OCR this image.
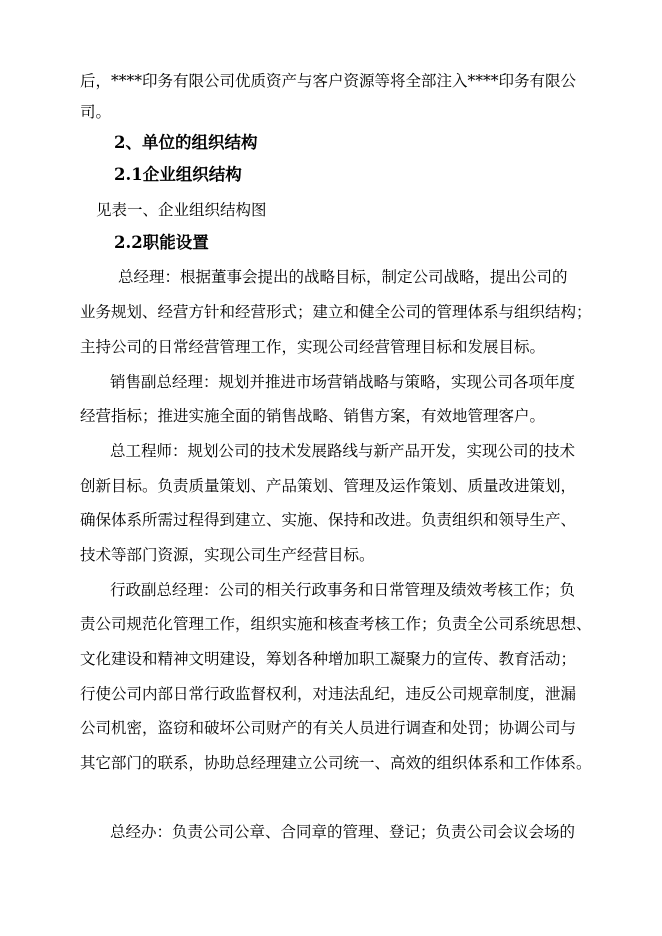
后，****印务有限公司优质资产与客户资源等将全部注入****印务有限公
司。
2、单位的组织结构
2.1企业组织结构
见表一、企业组织结构图
2.2职能设置
总经理：根据董事会提出的战略目标，制定公司战略，提出公司的
业务规划、经营方针和经营形式；建立和健全公司的管理体系与组织结构；
主持公司的日常经营管理工作，实现公司经营管理目标和发展目标。
销售副总经理：规划并推进市场营销战略与策略，实现公司各项年度
经营指标；推进实施全面的销售战略、销售方案，有效地管理客户。
总工程师：规划公司的技术发展路线与新产品开发，实现公司的技术
创新目标。负责质量策划、产品策划、管理及运作策划、质量改进策划，
确保体系所需过程得到建立、实施、保持和改进。负责组织和领导生产、
技术等部门资源，实现公司生产经营目标。
行政副总经理：公司的相关行政事务和日常管理及绩效考核工作；负
责公司规范化管理工作，组织实施和核查考核工作；负责全公司系统思想、
文化建设和精神文明建设，筹划各种增加职工凝聚力的宣传、教育活动；
行使公司内部日常行政监督权利，对违法乱纪，违反公司规章制度，泄漏
公司机密，盗窃和破坏公司财产的有关人员进行调查和处罚；协调公司与
其它部门的联系，协助总经理建立公司统一、高效的组织体系和工作体系。
总经办：负责公司公章、合同章的管理、登记；负责公司会议会场的
